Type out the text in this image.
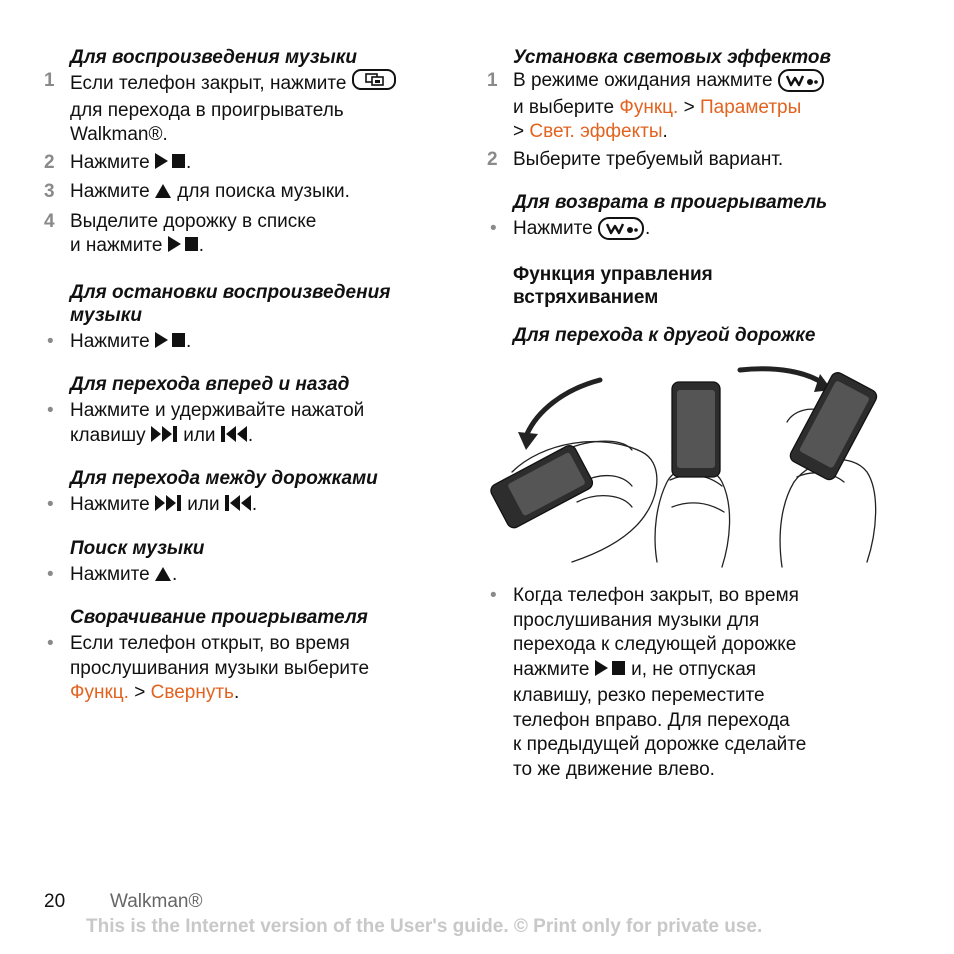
Для воспроизведения музыки
1 Если телефон закрыт, нажмите
для перехода в проигрыватель
Walkman®.
2 Нажмите .
3 Нажмите для поиска музыки.
4 Выделите дорожку в списке
и нажмите .
Для остановки воспроизведения
музыки
• Нажмите .
Для перехода вперед и назад
• Нажмите и удерживайте нажатой
клавишу или .
Для перехода между дорожками
• Нажмите или .
Поиск музыки
• Нажмите .
Сворачивание проигрывателя
• Если телефон открыт, во время
прослушивания музыки выберите
Функц. > Свернуть.
Установка световых эффектов
1 В режиме ожидания нажмите
и выберите Функц. > Параметры
> Свет. эффекты.
2 Выберите требуемый вариант.
Для возврата в проигрыватель
• Нажмите	.
Функция управления
встряхиванием
Для перехода к другой дорожке
• Когда телефон закрыт, во время
прослушивания музыки для
перехода к следующей дорожке
нажмите и, не отпуская
клавишу, резко переместите
телефон вправо. Для перехода
к предыдущей дорожке сделайте
то же движение влево.
20 Walkman®
This is the Internet version of the User's guide. © Print only for private use.
